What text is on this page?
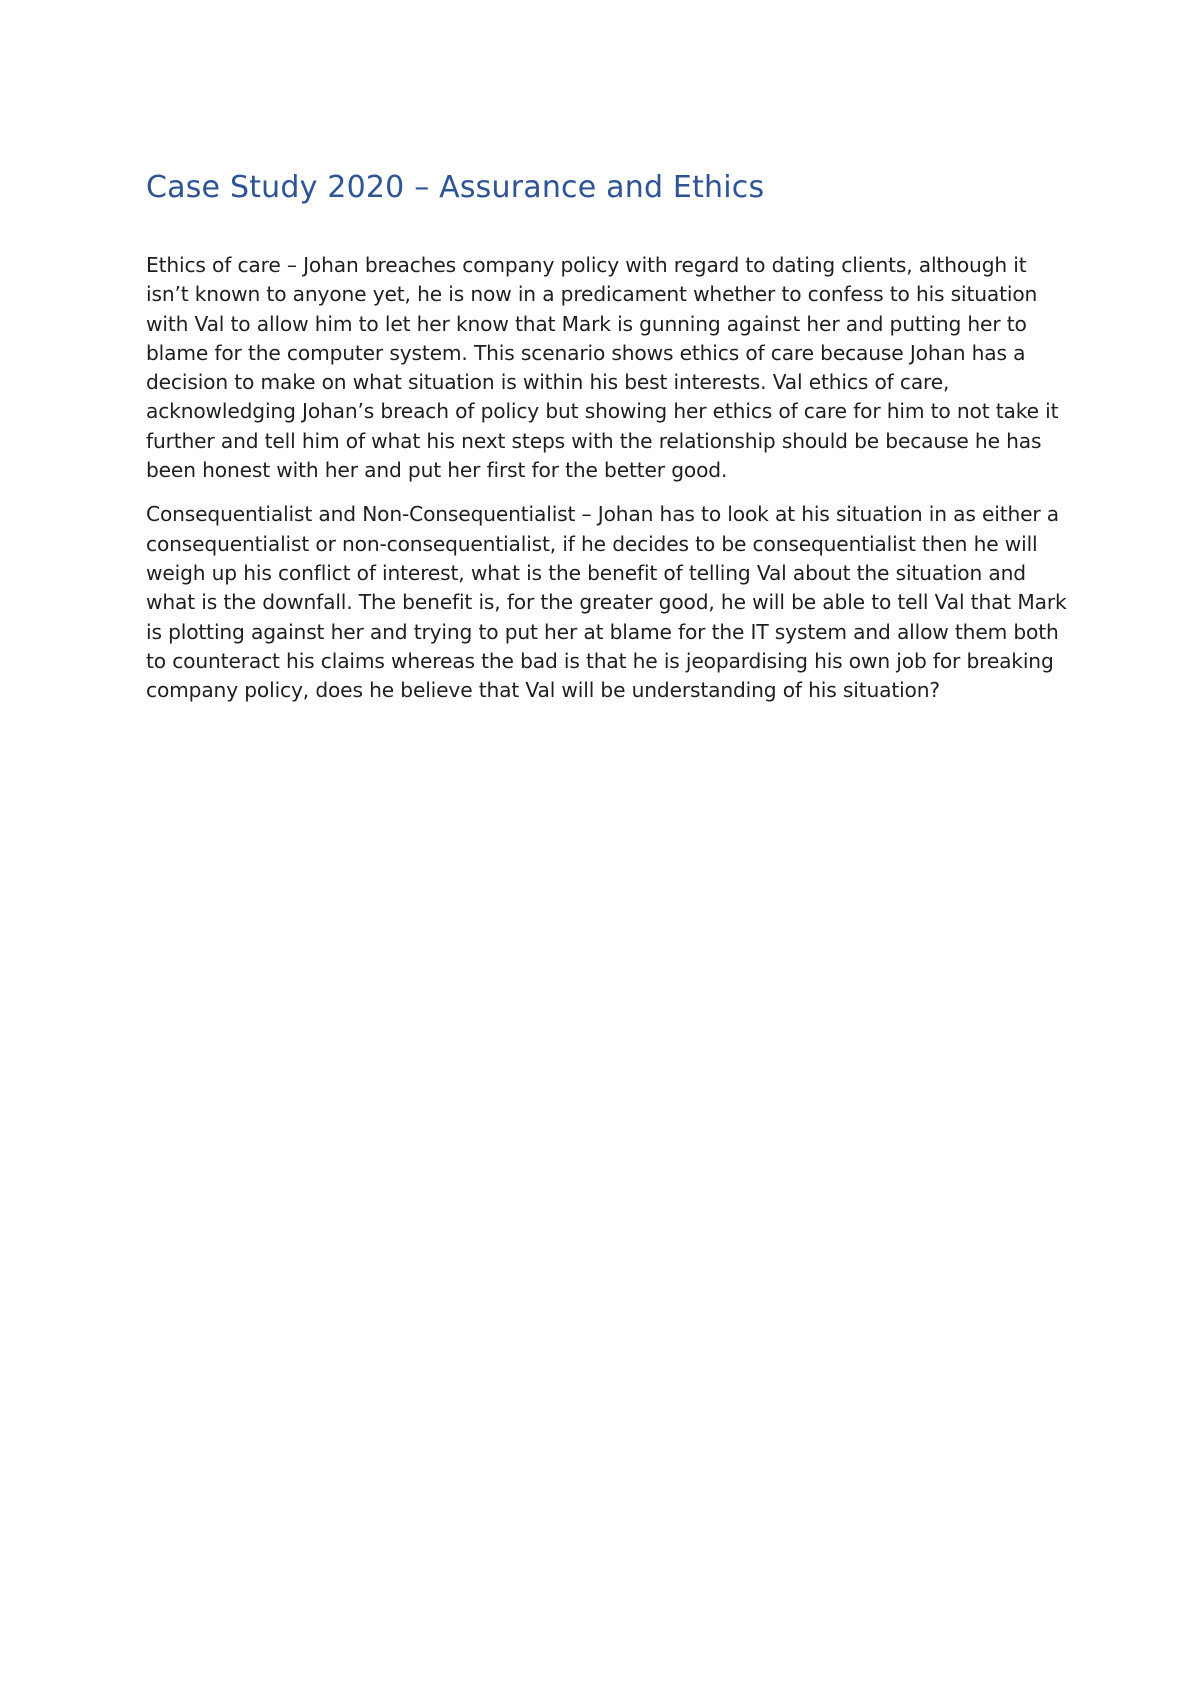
Case Study 2020 – Assurance and Ethics

Ethics of care – Johan breaches company policy with regard to dating clients, although it isn’t known to anyone yet, he is now in a predicament whether to confess to his situation with Val to allow him to let her know that Mark is gunning against her and putting her to blame for the computer system. This scenario shows ethics of care because Johan has a decision to make on what situation is within his best interests. Val ethics of care, acknowledging Johan’s breach of policy but showing her ethics of care for him to not take it further and tell him of what his next steps with the relationship should be because he has been honest with her and put her first for the better good.

Consequentialist and Non-Consequentialist – Johan has to look at his situation in as either a consequentialist or non-consequentialist, if he decides to be consequentialist then he will weigh up his conflict of interest, what is the benefit of telling Val about the situation and what is the downfall. The benefit is, for the greater good, he will be able to tell Val that Mark is plotting against her and trying to put her at blame for the IT system and allow them both to counteract his claims whereas the bad is that he is jeopardising his own job for breaking company policy, does he believe that Val will be understanding of his situation?
